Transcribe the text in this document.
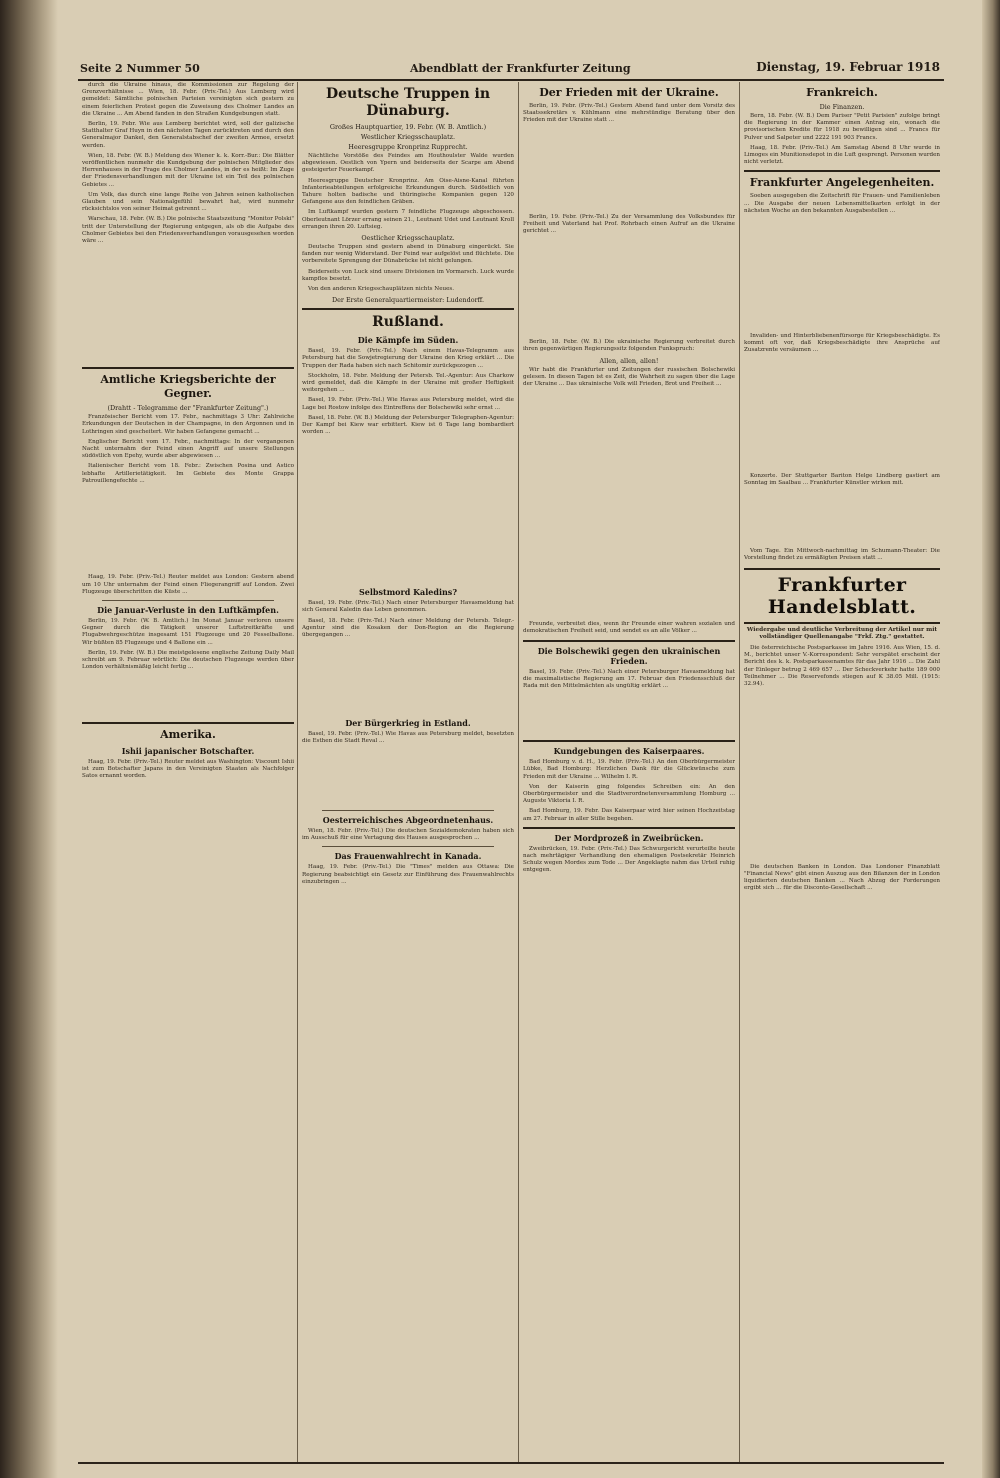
Seite 2 Nummer 50	Abendblatt der Frankfurter Zeitung	Dienstag, 19. Februar 1918

durch die Ukraine hinaus, die Kommissionen zur Regelung der Grenzverhältnisse ... Wien, 18. Febr. (Priv.-Tel.) Aus Lemberg wird gemeldet: Sämtliche polnischen Parteien vereinigten sich gestern zu einem feierlichen Protest gegen die Zuweisung des Cholmer Landes an die Ukraine ... Am Abend fanden in den Straßen Kundgebungen statt.

Berlin, 19. Febr. Wie aus Lemberg berichtet wird, soll der galizische Statthalter Graf Huyn in den nächsten Tagen zurücktreten und durch den Generalmajor Dankel, den Generalstabschef der zweiten Armee, ersetzt werden.

Wien, 18. Febr. (W. B.) Meldung des Wiener k. k. Korr.-Bur.: Die Blätter veröffentlichen nunmehr die Kundgebung der polnischen Mitglieder des Herrenhauses in der Frage des Cholmer Landes, in der es heißt: Im Zuge der Friedensverhandlungen mit der Ukraine ist ein Teil des polnischen Gebietes ...

Um Volk, das durch eine lange Reihe von Jahren seinen katholischen Glauben und sein Nationalgefühl bewahrt hat, wird nunmehr rücksichtslos von seiner Heimat getrennt ...

Warschau, 18. Febr. (W. B.) Die polnische Staatszeitung "Monitor Polski" tritt der Unterstellung der Regierung entgegen, als ob die Aufgabe des Cholmer Gebietes bei den Friedensverhandlungen vorausgesehen worden wäre ...

Amtliche Kriegsberichte der Gegner.
(Drahtt - Telegramme der "Frankfurter Zeitung".)

Französischer Bericht vom 17. Febr., nachmittags 3 Uhr: Zahlreiche Erkundungen der Deutschen in der Champagne, in den Argonnen und in Lothringen sind gescheitert. Wir haben Gefangene gemacht ...

Englischer Bericht vom 17. Febr., nachmittags: In der vergangenen Nacht unternahm der Feind einen Angriff auf unsere Stellungen südöstlich von Epehy, wurde aber abgewiesen ...

Italienischer Bericht vom 18. Febr.: Zwischen Posina und Astico lebhafte Artillerietätigkeit. Im Gebiete des Monte Grappa Patrouillengefechte ...

Haag, 19. Febr. (Priv.-Tel.) Reuter meldet aus London: Gestern abend um 10 Uhr unternahm der Feind einen Fliegerangriff auf London. Zwei Flugzeuge überschritten die Küste ...

Die Januar-Verluste in den Luftkämpfen.

Berlin, 19. Febr. (W. B. Amtlich.) Im Monat Januar verloren unsere Gegner durch die Tätigkeit unserer Luftstreitkräfte und Flugabwehrgeschütze insgesamt 151 Flugzeuge und 20 Fesselballone. Wir büßten 85 Flugzeuge und 4 Ballone ein ...

Berlin, 19. Febr. (W. B.) Die meistgelesene englische Zeitung Daily Mail schreibt am 9. Februar wörtlich: Die deutschen Flugzeuge werden über London verhältnismäßig leicht fertig ...

Amerika.
Ishii japanischer Botschafter.

Haag, 19. Febr. (Priv.-Tel.) Reuter meldet aus Washington: Viscount Ishii ist zum Botschafter Japans in den Vereinigten Staaten als Nachfolger Satos ernannt worden.

Deutsche Truppen in Dünaburg.
Großes Hauptquartier, 19. Febr. (W. B. Amtlich.)
Westlicher Kriegsschauplatz.
Heeresgruppe Kronprinz Rupprecht.

Nächtliche Vorstöße des Feindes am Houthoulster Walde wurden abgewiesen. Oestlich von Ypern und beiderseits der Scarpe am Abend gesteigerter Feuerkampf.

Heeresgruppe Deutscher Kronprinz. Am Oise-Aisne-Kanal führten Infanterieabteilungen erfolgreiche Erkundungen durch. Südöstlich von Tahure holten badische und thüringische Kompanien gegen 120 Gefangene aus den feindlichen Gräben.

Im Luftkampf wurden gestern 7 feindliche Flugzeuge abgeschossen. Oberleutnant Lörzer errang seinen 21., Leutnant Udet und Leutnant Kroll errangen ihren 20. Luftsieg.

Oestlicher Kriegsschauplatz.

Deutsche Truppen sind gestern abend in Dünaburg eingerückt. Sie fanden nur wenig Widerstand. Der Feind war aufgelöst und flüchtete. Die vorbereitete Sprengung der Dünabrücke ist nicht gelungen.

Beiderseits von Luck sind unsere Divisionen im Vormarsch. Luck wurde kampflos besetzt.

Von den anderen Kriegsschauplätzen nichts Neues.

Der Erste Generalquartiermeister: Ludendorff.
Rußland.
Die Kämpfe im Süden.

Basel, 19. Febr. (Priv.-Tel.) Nach einem Havas-Telegramm aus Petersburg hat die Sowjetregierung der Ukraine den Krieg erklärt ... Die Truppen der Rada haben sich nach Schitomir zurückgezogen ...

Stockholm, 18. Febr. Meldung der Petersb. Tel.-Agentur: Aus Charkow wird gemeldet, daß die Kämpfe in der Ukraine mit großer Heftigkeit weitergehen ...

Basel, 19. Febr. (Priv.-Tel.) Wie Havas aus Petersburg meldet, wird die Lage bei Rostow infolge des Eintreffens der Bolschewiki sehr ernst ...

Basel, 18. Febr. (W. B.) Meldung der Petersburger Telegraphen-Agentur: Der Kampf bei Kiew war erbittert. Kiew ist 6 Tage lang bombardiert worden ...

Selbstmord Kaledins?

Basel, 19. Febr. (Priv.-Tel.) Nach einer Petersburger Havasmeldung hat sich General Kaledin das Leben genommen.

Basel, 18. Febr. (Priv.-Tel.) Nach einer Meldung der Petersb. Telegr.-Agentur sind die Kosaken der Don-Region an die Regierung übergegangen ...

Der Bürgerkrieg in Estland.

Basel, 19. Febr. (Priv.-Tel.) Wie Havas aus Petersburg meldet, besetzten die Esthen die Stadt Reval ...

Oesterreichisches Abgeordnetenhaus.

Wien, 18. Febr. (Priv.-Tel.) Die deutschen Sozialdemokraten haben sich im Ausschuß für eine Vertagung des Hauses ausgesprochen ...

Das Frauenwahlrecht in Kanada.

Haag, 19. Febr. (Priv.-Tel.) Die "Times" melden aus Ottawa: Die Regierung beabsichtigt ein Gesetz zur Einführung des Frauenwahlrechts einzubringen ...

Der Frieden mit der Ukraine.

Berlin, 19. Febr. (Priv.-Tel.) Gestern Abend fand unter dem Vorsitz des Staatssekretärs v. Kühlmann eine mehrstündige Beratung über den Frieden mit der Ukraine statt ...

Berlin, 19. Febr. (Priv.-Tel.) Zu der Versammlung des Volksbundes für Freiheit und Vaterland hat Prof. Rohrbach einen Aufruf an die Ukraine gerichtet ...

Berlin, 18. Febr. (W. B.) Die ukrainische Regierung verbreitet durch ihren gegenwärtigen Regierungssitz folgenden Funkspruch:

Allen, allen, allen!

Wir habt die Frankfurter und Zeitungen der russischen Bolschewiki gelesen. In diesen Tagen ist es Zeit, die Wahrheit zu sagen über die Lage der Ukraine ... Das ukrainische Volk will Frieden, Brot und Freiheit ...

Freunde, verbreitet dies, wenn ihr Freunde einer wahren sozialen und demokratischen Freiheit seid, und sendet es an alle Völker ...

Die Bolschewiki gegen den ukrainischen Frieden.

Basel, 19. Febr. (Priv.-Tel.) Nach einer Petersburger Havasmeldung hat die maximalistische Regierung am 17. Februar den Friedensschluß der Rada mit den Mittelmächten als ungültig erklärt ...

Kundgebungen des Kaiserpaares.

Bad Homburg v. d. H., 19. Febr. (Priv.-Tel.) An den Oberbürgermeister Lübke, Bad Homburg: Herzlichen Dank für die Glückwünsche zum Frieden mit der Ukraine ... Wilhelm I. R.

Von der Kaiserin ging folgendes Schreiben ein: An den Oberbürgermeister und die Stadtverordnetenversammlung Homburg ... Auguste Viktoria I. R.

Bad Homburg, 19. Febr. Das Kaiserpaar wird hier seinen Hochzeitstag am 27. Februar in aller Stille begehen.

Der Mordprozeß in Zweibrücken.

Zweibrücken, 19. Febr. (Priv.-Tel.) Das Schwurgericht verurteilte heute nach mehrtägiger Verhandlung den ehemaligen Postsekretär Heinrich Schulz wegen Mordes zum Tode ... Der Angeklagte nahm das Urteil ruhig entgegen.

Frankreich.
Die Finanzen.

Bern, 18. Febr. (W. B.) Dem Pariser "Petit Parisien" zufolge bringt die Regierung in der Kammer einen Antrag ein, wonach die provisorischen Kredite für 1918 zu bewilligen sind ... Francs für Pulver und Salpeter und 2222 191 903 Francs.

Haag, 18. Febr. (Priv.-Tel.) Am Samstag Abend 8 Uhr wurde in Limoges ein Munitionsdepot in die Luft gesprengt. Personen wurden nicht verletzt.

Frankfurter Angelegenheiten.

Soeben ausgegeben die Zeitschrift für Frauen- und Familienleben ... Die Ausgabe der neuen Lebensmittelkarten erfolgt in der nächsten Woche an den bekannten Ausgabestellen ...

Invaliden- und Hinterbliebenenfürsorge für Kriegsbeschädigte. Es kommt oft vor, daß Kriegsbeschädigte ihre Ansprüche auf Zusatzrente versäumen ...

Konzerte. Der Stuttgarter Bariton Helge Lindberg gastiert am Sonntag im Saalbau ... Frankfurter Künstler wirken mit.

Vom Tage. Ein Mittwoch-nachmittag im Schumann-Theater: Die Vorstellung findet zu ermäßigten Preisen statt ...

Frankfurter Handelsblatt.
Wiedergabe und deutliche Verbreitung der Artikel nur mit vollständiger Quellenangabe "Frkf. Ztg." gestattet.

Die österreichische Postsparkasse im Jahre 1916. Aus Wien, 15. d. M., berichtet unser V.-Korrespondent: Sehr verspätet erscheint der Bericht des k. k. Postsparkassenamtes für das Jahr 1916 ... Die Zahl der Einleger betrug 2 469 657 ... Der Scheckverkehr hatte 189 000 Teilnehmer ... Die Reservefonds stiegen auf K 38.05 Mill. (1915: 32.94).

Die deutschen Banken in London. Das Londoner Finanzblatt "Financial News" gibt einen Auszug aus den Bilanzen der in London liquidierten deutschen Banken ... Nach Abzug der Forderungen ergibt sich ... für die Disconto-Gesellschaft ...
